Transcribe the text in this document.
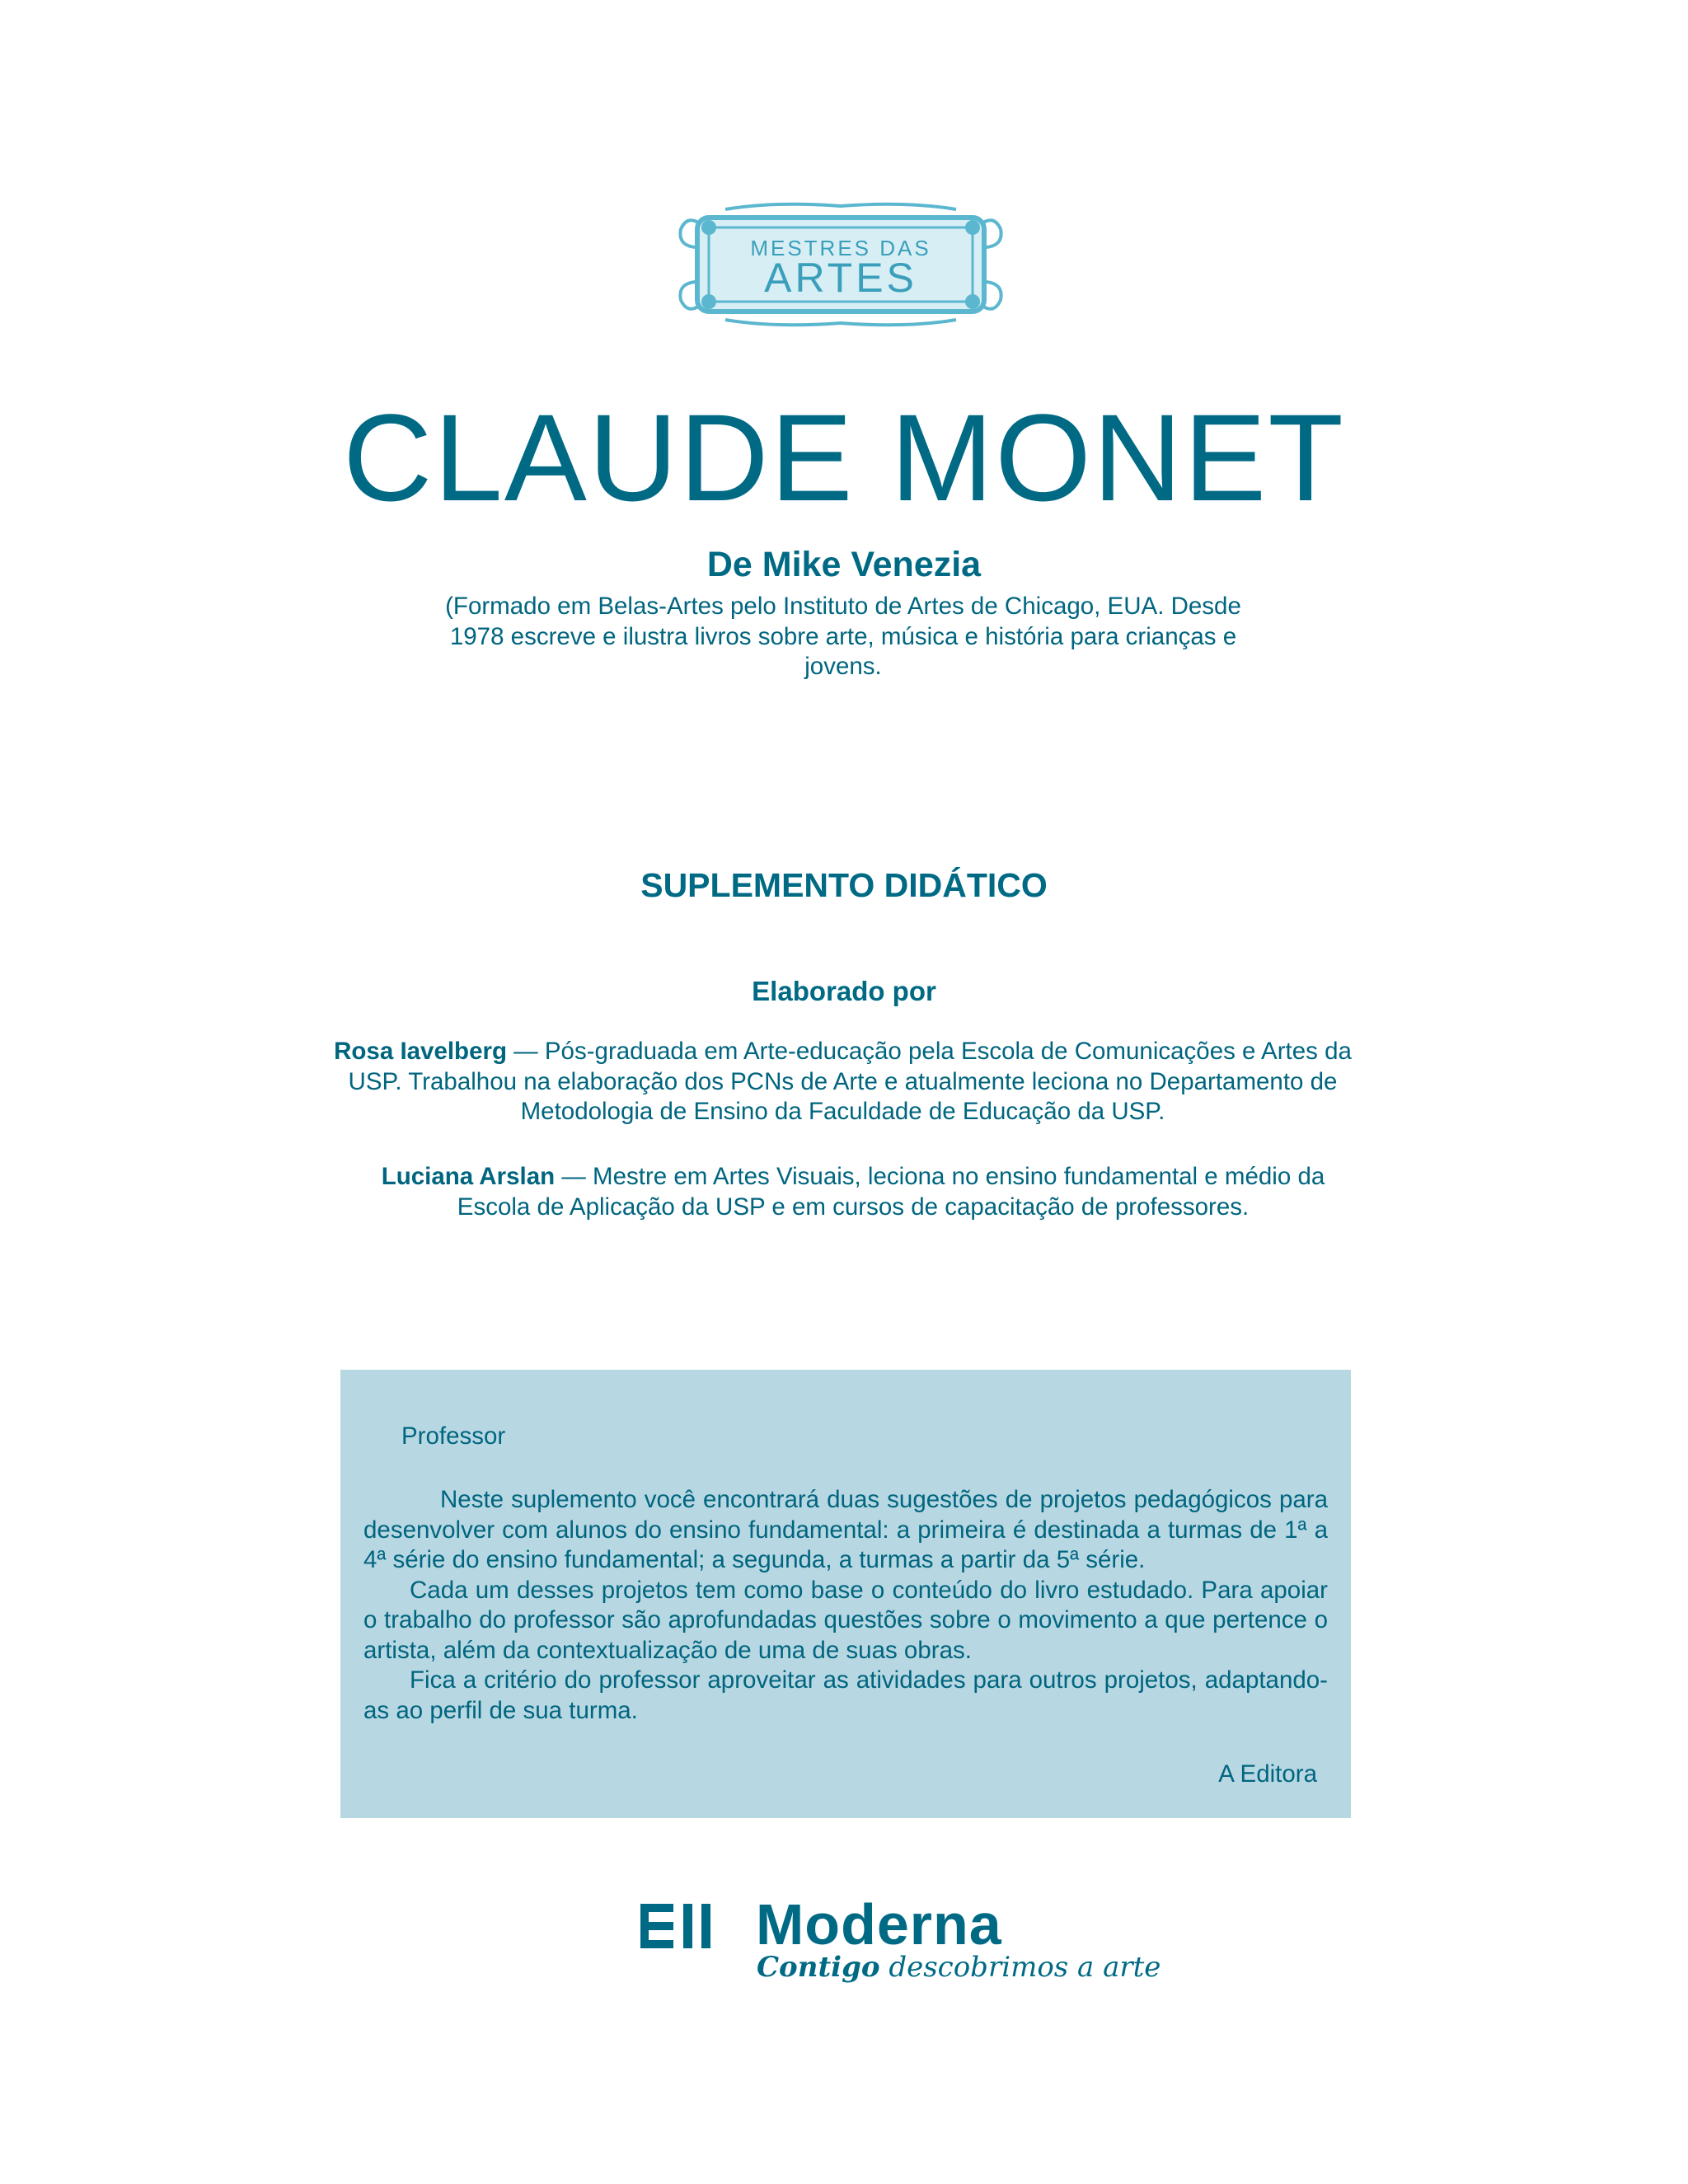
MESTRES DAS
ARTES
CLAUDE MONET
De Mike Venezia
(Formado em Belas-Artes pelo Instituto de Artes de Chicago, EUA. Desde 1978 escreve e ilustra livros sobre arte, música e história para crianças e jovens.
SUPLEMENTO DIDÁTICO
Elaborado por
Rosa Iavelberg — Pós-graduada em Arte-educação pela Escola de Comunicações e Artes da USP. Trabalhou na elaboração dos PCNs de Arte e atualmente leciona no Departamento de Metodologia de Ensino da Faculdade de Educação da USP.
Luciana Arslan — Mestre em Artes Visuais, leciona no ensino fundamental e médio da Escola de Aplicação da USP e em cursos de capacitação de professores.
Professor

Neste suplemento você encontrará duas sugestões de projetos pedagógicos para desenvolver com alunos do ensino fundamental: a primeira é destinada a turmas de 1ª a 4ª série do ensino fundamental; a segunda, a turmas a partir da 5ª série.

Cada um desses projetos tem como base o conteúdo do livro estudado. Para apoiar o trabalho do professor são aprofundadas questões sobre o movimento a que pertence o artista, além da contextualização de uma de suas obras.

Fica a critério do professor aproveitar as atividades para outros projetos, adaptando-as ao perfil de sua turma.

A Editora
Moderna
Contigo descobrimos a arte
